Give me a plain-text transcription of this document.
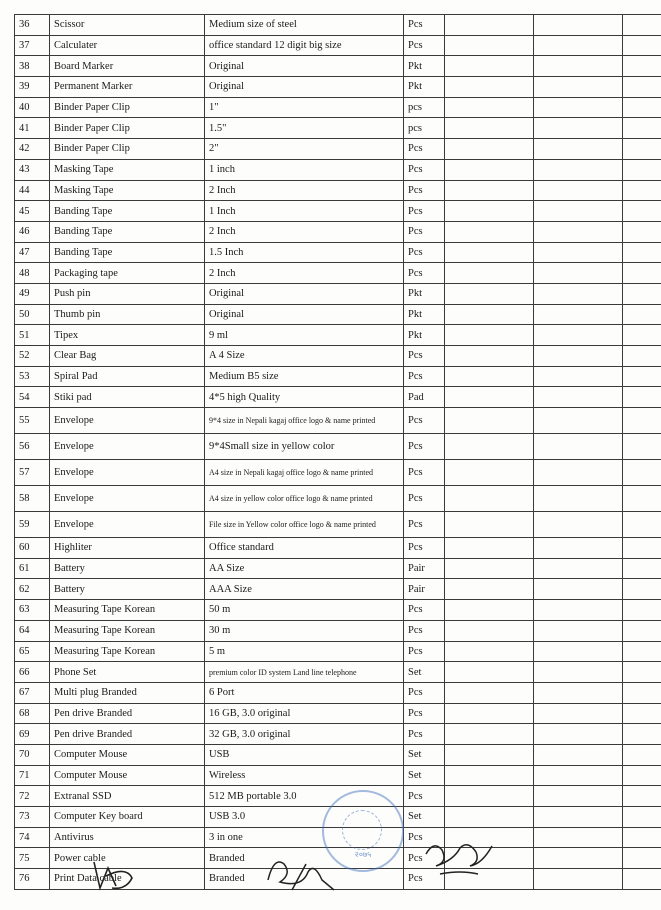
36	Scissor	Medium size of steel	Pcs			
37	Calculater	office standard 12 digit big size	Pcs			
38	Board Marker	Original	Pkt			
39	Permanent Marker	Original	Pkt			
40	Binder Paper Clip	1"	pcs			
41	Binder Paper Clip	1.5"	pcs			
42	Binder Paper Clip	2"	Pcs			
43	Masking Tape	1 inch	Pcs			
44	Masking Tape	2 Inch	Pcs			
45	Banding Tape	1 Inch	Pcs			
46	Banding Tape	2 Inch	Pcs			
47	Banding Tape	1.5 Inch	Pcs			
48	Packaging tape	2 Inch	Pcs			
49	Push pin	Original	Pkt			
50	Thumb pin	Original	Pkt			
51	Tipex	9 ml	Pkt			
52	Clear Bag	A 4 Size	Pcs			
53	Spiral Pad	Medium B5 size	Pcs			
54	Stiki pad	4*5 high Quality	Pad			
55	Envelope	9*4 size in Nepali kagaj office logo & name printed	Pcs			
56	Envelope	9*4Small size in yellow color	Pcs			
57	Envelope	A4 size in Nepali kagaj office logo & name printed	Pcs			
58	Envelope	A4 size in yellow color office logo & name printed	Pcs			
59	Envelope	File size in Yellow color office logo & name printed	Pcs			
60	Highliter	Office standard	Pcs			
61	Battery	AA Size	Pair			
62	Battery	AAA Size	Pair			
63	Measuring Tape Korean	50 m	Pcs			
64	Measuring Tape Korean	30 m	Pcs			
65	Measuring Tape Korean	5 m	Pcs			
66	Phone Set	premium color ID system Land line telephone	Set			
67	Multi plug Branded	6 Port	Pcs			
68	Pen drive Branded	16 GB, 3.0 original	Pcs			
69	Pen drive Branded	32 GB, 3.0 original	Pcs			
70	Computer Mouse	USB	Set			
71	Computer Mouse	Wireless	Set			
72	Extranal SSD	512 MB portable 3.0	Pcs			
73	Computer Key board	USB 3.0	Set			
74	Antivirus	3 in one	Pcs			
75	Power cable	Branded	Pcs			
76	Print Data cable	Branded	Pcs			
२०७५
